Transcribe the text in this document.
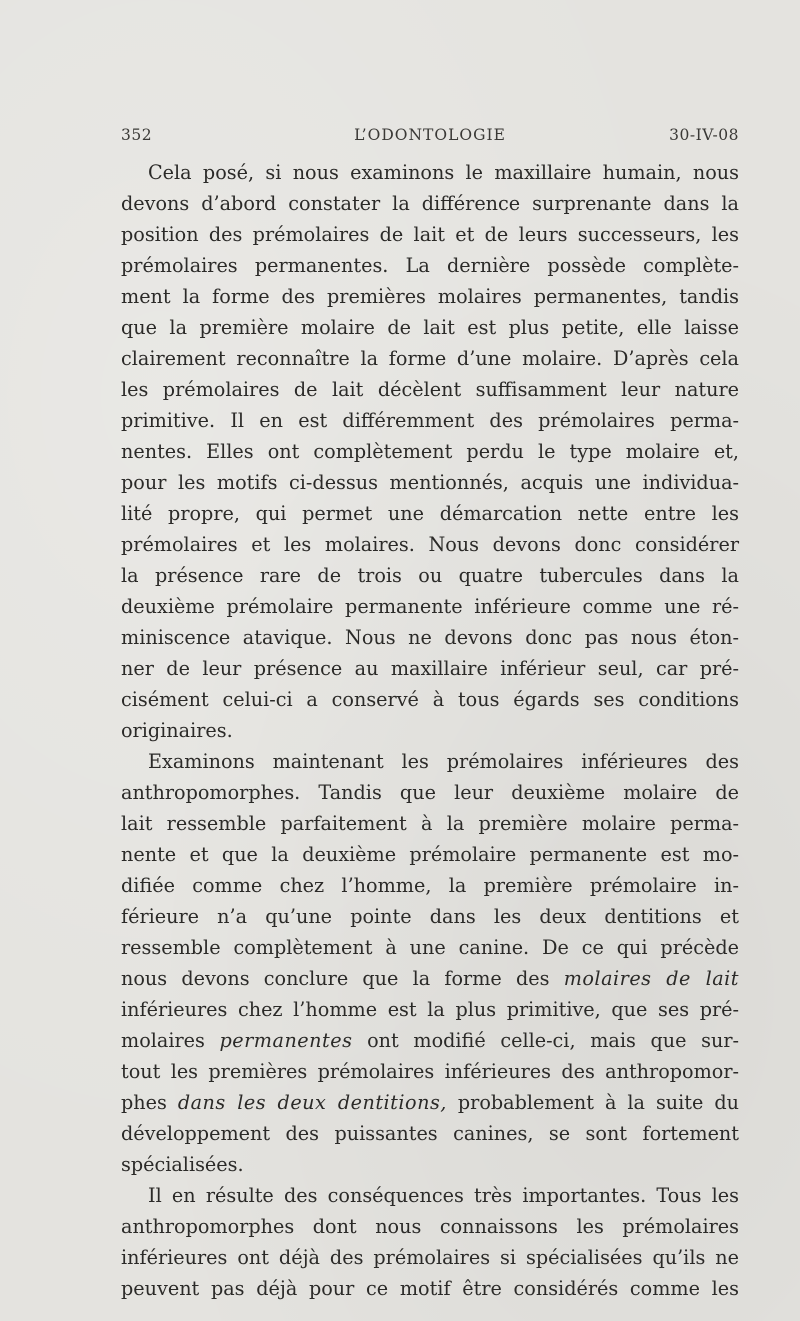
352	L’ODONTOLOGIE	30-IV-08
Cela posé, si nous examinons le maxillaire humain, nous
devons d’abord constater la différence surprenante dans la
position des prémolaires de lait et de leurs successeurs, les
prémolaires permanentes. La dernière possède complète-
ment la forme des premières molaires permanentes, tandis
que la première molaire de lait est plus petite, elle laisse
clairement reconnaître la forme d’une molaire. D’après cela
les prémolaires de lait décèlent suffisamment leur nature
primitive. Il en est différemment des prémolaires perma-
nentes. Elles ont complètement perdu le type molaire et,
pour les motifs ci-dessus mentionnés, acquis une individua-
lité propre, qui permet une démarcation nette entre les
prémolaires et les molaires. Nous devons donc considérer
la présence rare de trois ou quatre tubercules dans la
deuxième prémolaire permanente inférieure comme une ré-
miniscence atavique. Nous ne devons donc pas nous éton-
ner de leur présence au maxillaire inférieur seul, car pré-
cisément celui-ci a conservé à tous égards ses conditions
originaires.
Examinons maintenant les prémolaires inférieures des
anthropomorphes. Tandis que leur deuxième molaire de
lait ressemble parfaitement à la première molaire perma-
nente et que la deuxième prémolaire permanente est mo-
difiée comme chez l’homme, la première prémolaire in-
férieure n’a qu’une pointe dans les deux dentitions et
ressemble complètement à une canine. De ce qui précède
nous devons conclure que la forme des molaires de lait
inférieures chez l’homme est la plus primitive, que ses pré-
molaires permanentes ont modifié celle-ci, mais que sur-
tout les premières prémolaires inférieures des anthropomor-
phes dans les deux dentitions, probablement à la suite du
développement des puissantes canines, se sont fortement
spécialisées.
Il en résulte des conséquences très importantes. Tous les
anthropomorphes dont nous connaissons les prémolaires
inférieures ont déjà des prémolaires si spécialisées qu’ils ne
peuvent pas déjà pour ce motif être considérés comme les
